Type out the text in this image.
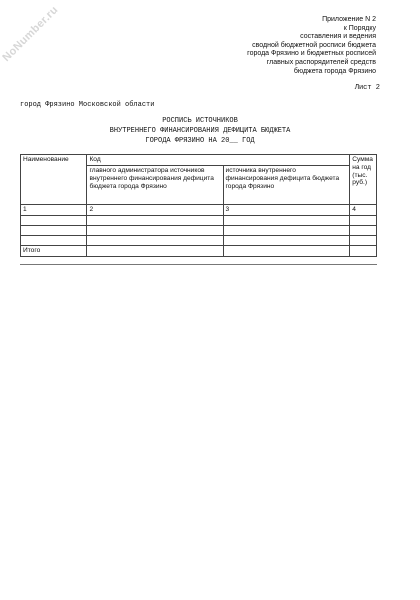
NoNumber.ru	Приложение N 2
к Порядку
составления и ведения
сводной бюджетной росписи бюджета
города Фрязино и бюджетных росписей
главных распорядителей средств
бюджета города Фрязино
Лист 2
город Фрязино Московской области
РОСПИСЬ ИСТОЧНИКОВ
ВНУТРЕННЕГО ФИНАНСИРОВАНИЯ ДЕФИЦИТА БЮДЖЕТА
ГОРОДА ФРЯЗИНО НА 20__ ГОД
Наименование	Код		Сумма на год (тыс. руб.)
	главного администратора источников внутреннего финансирования дефицита бюджета города Фрязино	источника внутреннего финансирования дефицита бюджета города Фрязино	
1	2	3	4

Итого			
